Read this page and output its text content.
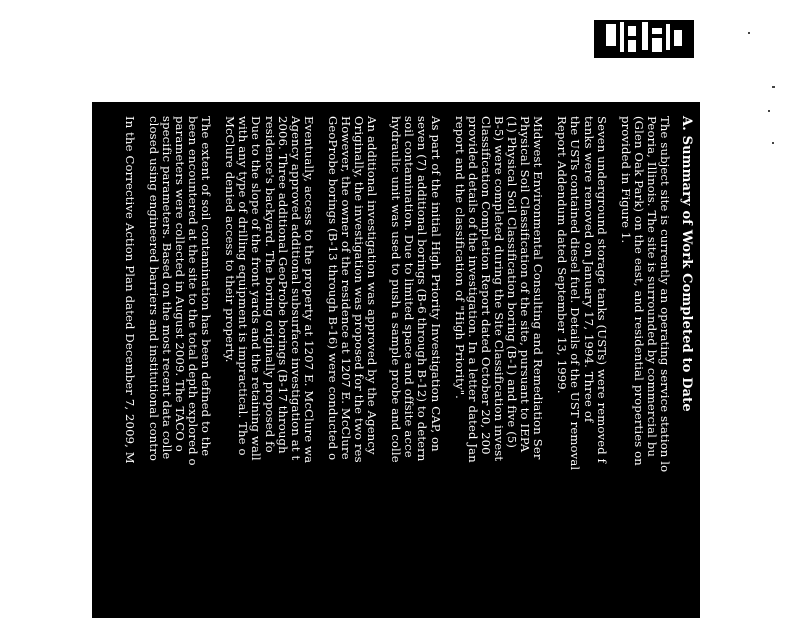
A. Summary of Work Completed to Date
The subject site is currently an operating service station lo
Peoria, Illinois. The site is surrounded by commercial bu
(Glen Oak Park) on the east, and residential properties on
provided in Figure 1.
Seven underground storage tanks (USTs) were removed f
tanks were removed on January 17, 1994. Three of
the USTs contained diesel fuel. Details of the UST removal
Report Addendum dated September 13, 1999.
Midwest Environmental Consulting and Remediation Ser
Physical Soil Classification of the site, pursuant to IEPA
(1) Physical Soil Classification boring (B-1) and five (5)
B-5) were completed during the Site Classification invest
Classification Completion Report dated October 20, 200
provided details of the investigation. In a letter dated Jan
report and the classification of "High Priority".
As part of the initial High Priority Investigation CAP, on
seven (7) additional borings (B-6 through B-12) to detern
soil contamination. Due to limited space and offsite acce
hydraulic unit was used to push a sample probe and colle
An additional investigation was approved by the Agency
Originally, the investigation was proposed for the two res
However, the owner of the residence at 1207 E. McClure
GeoProbe borings (B-13 through B-16) were conducted o
Eventually, access to the property at 1207 E. McClure wa
Agency approved additional subsurface investigation at t
2006. Three additional GeoProbe borings (B-17 through
residence's backyard. The boring originally proposed fo
Due to the slope of the front yards and the retaining wall
with any type of drilling equipment is impractical. The o
McClure denied access to their property.
The extent of soil contamination has been defined to the
been encountered at the site to the total depth explored o
parameters were collected in August 2009. The TACO o
specific parameters. Based on the most recent data colle
closed using engineered barriers and institutional contro
In the Corrective Action Plan dated December 7, 2009, M
